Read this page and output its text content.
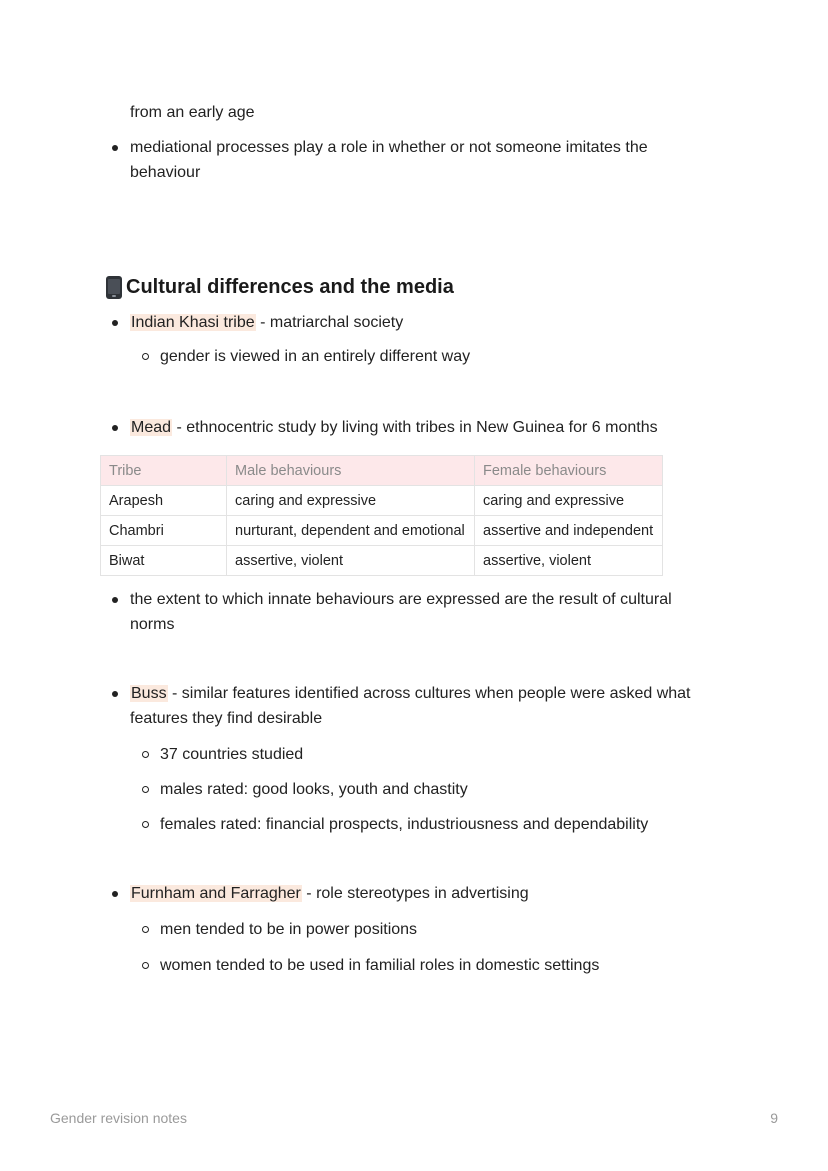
from an early age
mediational processes play a role in whether or not someone imitates the
behaviour
Cultural differences and the media
Indian Khasi tribe - matriarchal society
gender is viewed in an entirely different way
Mead - ethnocentric study by living with tribes in New Guinea for 6 months
Tribe	Male behaviours	Female behaviours
Arapesh	caring and expressive	caring and expressive
Chambri	nurturant, dependent and emotional	assertive and independent
Biwat	assertive, violent	assertive, violent
the extent to which innate behaviours are expressed are the result of cultural
norms
Buss - similar features identified across cultures when people were asked what
features they find desirable
37 countries studied
males rated: good looks, youth and chastity
females rated: financial prospects, industriousness and dependability
Furnham and Farragher - role stereotypes in advertising
men tended to be in power positions
women tended to be used in familial roles in domestic settings
Gender revision notes	9
